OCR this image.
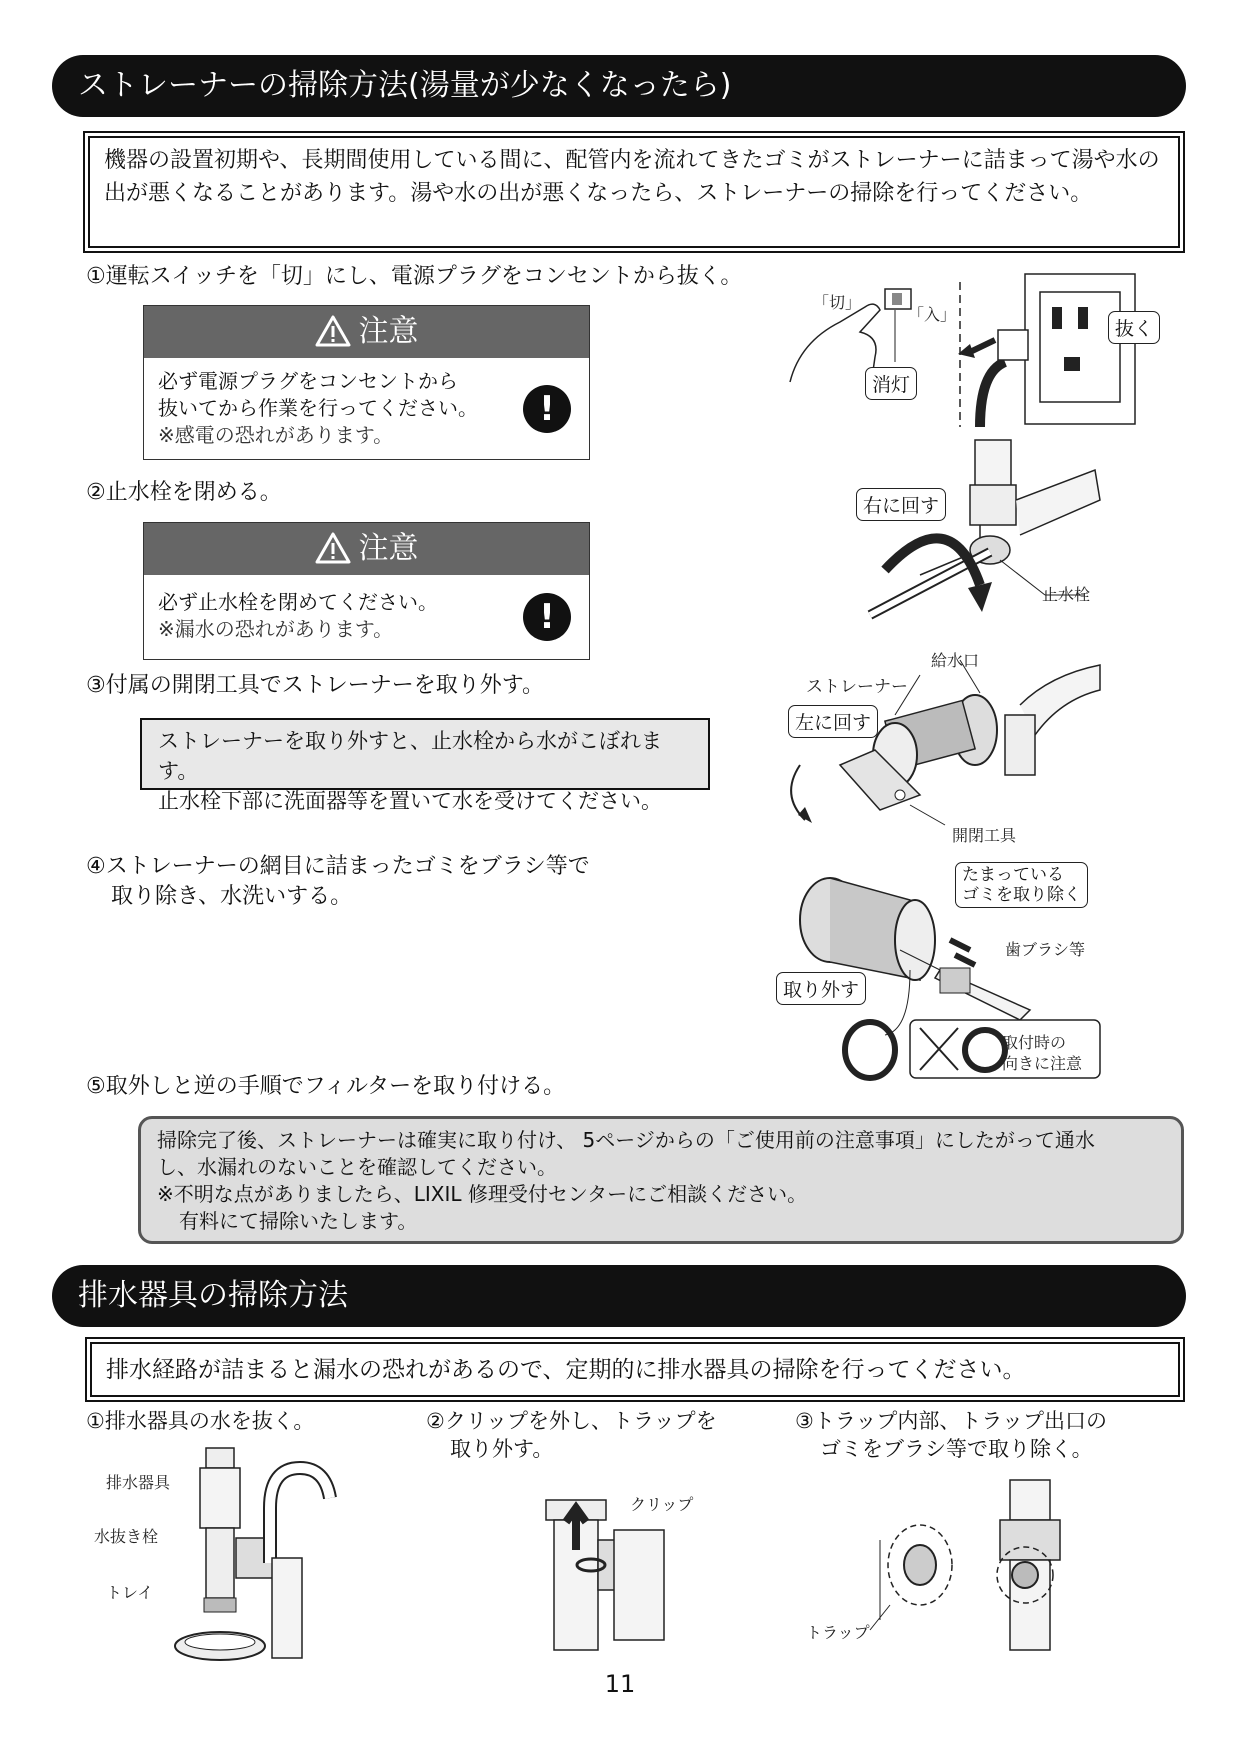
ストレーナーの掃除方法(湯量が少なくなったら)
機器の設置初期や、長期間使用している間に、配管内を流れてきたゴミがストレーナーに詰まって湯や水の出が悪くなることがあります。湯や水の出が悪くなったら、ストレーナーの掃除を行ってください。
①運転スイッチを「切」にし、電源プラグをコンセントから抜く。
注意
必ず電源プラグをコンセントから
抜いてから作業を行ってください。
※感電の恐れがあります。
!
②止水栓を閉める。
注意
必ず止水栓を閉めてください。
※漏水の恐れがあります。	!
③付属の開閉工具でストレーナーを取り外す。
ストレーナーを取り外すと、止水栓から水がこぼれます。
止水栓下部に洗面器等を置いて水を受けてください。
④ストレーナーの網目に詰まったゴミをブラシ等で
取り除き、水洗いする。
⑤取外しと逆の手順でフィルターを取り付ける。
掃除完了後、ストレーナーは確実に取り付け、 5ページからの「ご使用前の注意事項」にしたがって通水
し、水漏れのないことを確認してください。
※不明な点がありましたら、LIXIL 修理受付センターにご相談ください。
有料にて掃除いたします。
「切」
「入」
抜く
消灯
右に回す
止水栓
給水口
ストレーナー
左に回す
開閉工具
たまっている
ゴミを取り除く
歯ブラシ等
取り外す
取付時の
向きに注意
排水器具の掃除方法
排水経路が詰まると漏水の恐れがあるので、定期的に排水器具の掃除を行ってください。
①排水器具の水を抜く。	②クリップを外し、トラップを
取り外す。
③トラップ内部、トラップ出口の
ゴミをブラシ等で取り除く。
排水器具
水抜き栓
トレイ
クリップ
トラップ
11
